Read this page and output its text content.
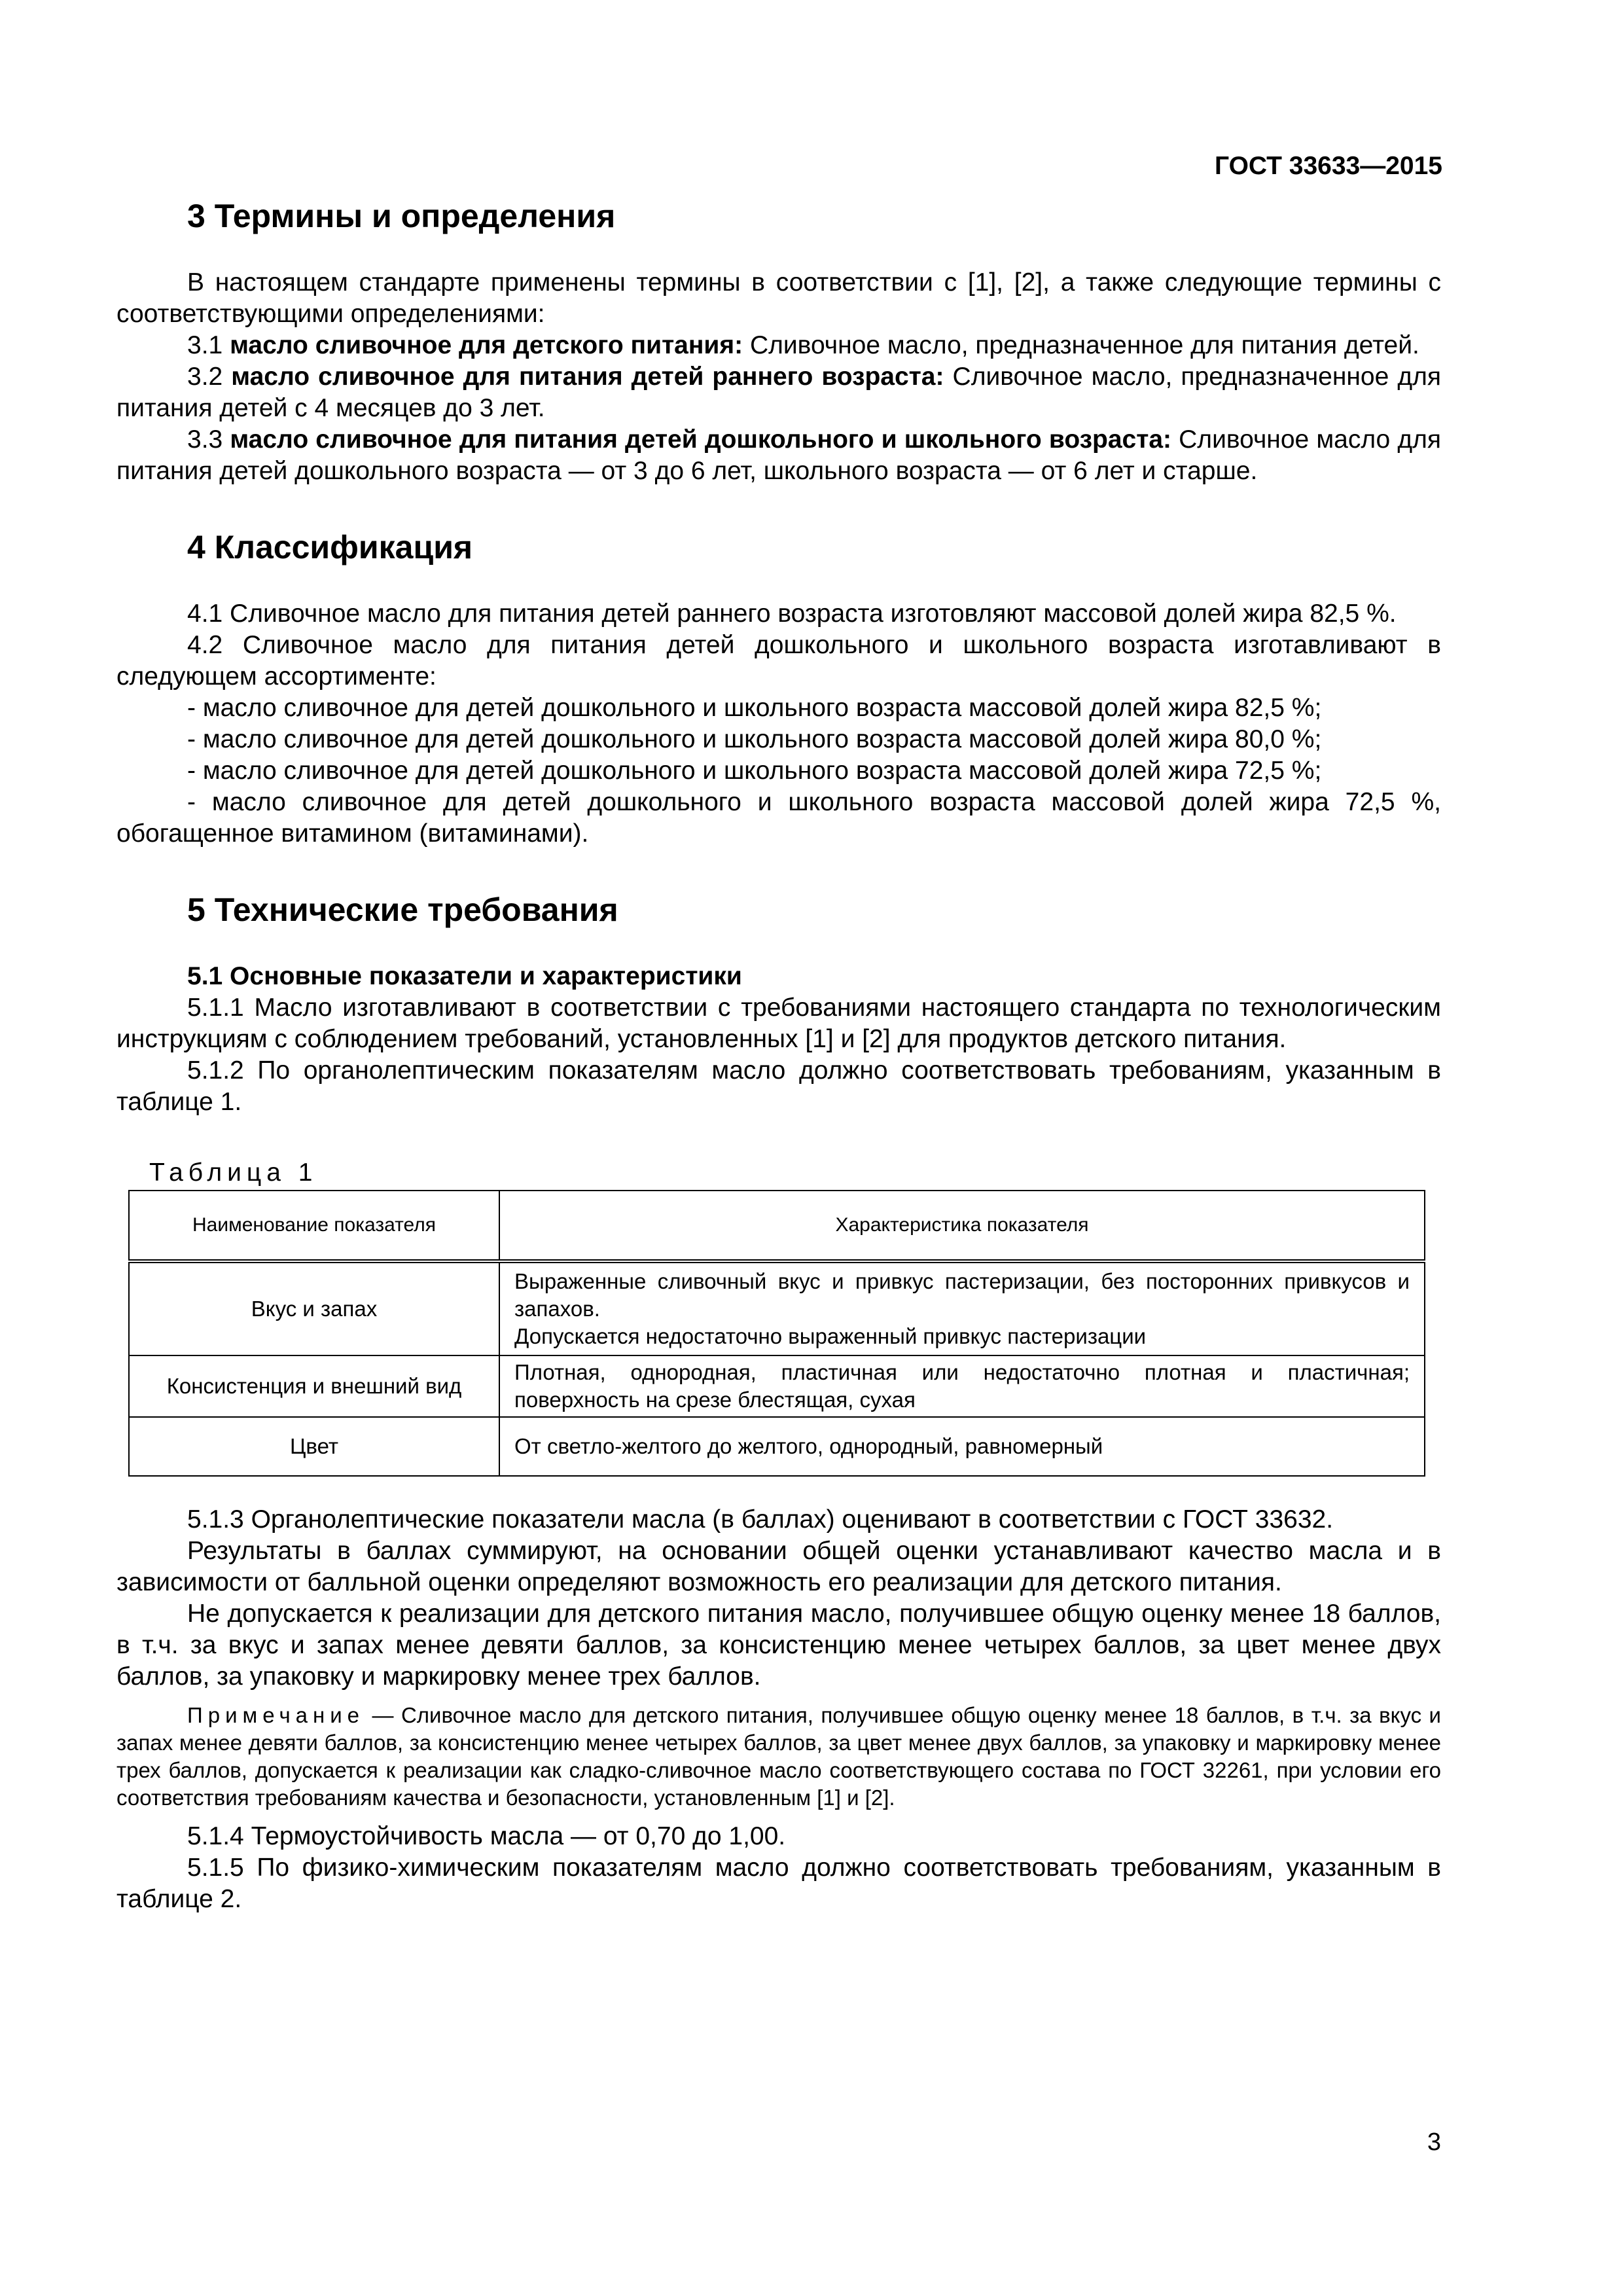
ГОСТ 33633—2015
3 Термины и определения

В настоящем стандарте применены термины в соответствии с [1], [2], а также следующие термины с соответствующими определениями:

3.1 масло сливочное для детского питания: Сливочное масло, предназначенное для питания детей.

3.2 масло сливочное для питания детей раннего возраста: Сливочное масло, предназначенное для питания детей с 4 месяцев до 3 лет.

3.3 масло сливочное для питания детей дошкольного и школьного возраста: Сливочное масло для питания детей дошкольного возраста — от 3 до 6 лет, школьного возраста — от 6 лет и старше.

4 Классификация

4.1 Сливочное масло для питания детей раннего возраста изготовляют массовой долей жира 82,5 %.

4.2 Сливочное масло для питания детей дошкольного и школьного возраста изготавливают в следующем ассортименте:

- масло сливочное для детей дошкольного и школьного возраста массовой долей жира 82,5 %;

- масло сливочное для детей дошкольного и школьного возраста массовой долей жира 80,0 %;

- масло сливочное для детей дошкольного и школьного возраста массовой долей жира 72,5 %;

- масло сливочное для детей дошкольного и школьного возраста массовой долей жира 72,5 %, обогащенное витамином (витаминами).

5 Технические требования

5.1 Основные показатели и характеристики

5.1.1 Масло изготавливают в соответствии с требованиями настоящего стандарта по технологическим инструкциям с соблюдением требований, установленных [1] и [2] для продуктов детского питания.

5.1.2 По органолептическим показателям масло должно соответствовать требованиям, указанным в таблице 1.

Таблица 1
Наименование показателя	Характеристика показателя
Вкус и запах	Выраженные сливочный вкус и привкус пастеризации, без посторонних привкусов и запахов.
Допускается недостаточно выраженный привкус пастеризации

Консистенция и внешний вид	Плотная, однородная, пластичная или недостаточно плотная и пластичная; поверхность на срезе блестящая, сухая
Цвет	От светло-желтого до желтого, однородный, равномерный

5.1.3 Органолептические показатели масла (в баллах) оценивают в соответствии с ГОСТ 33632.

Результаты в баллах суммируют, на основании общей оценки устанавливают качество масла и в зависимости от балльной оценки определяют возможность его реализации для детского питания.

Не допускается к реализации для детского питания масло, получившее общую оценку менее 18 баллов, в т.ч. за вкус и запах менее девяти баллов, за консистенцию менее четырех баллов, за цвет менее двух баллов, за упаковку и маркировку менее трех баллов.

Примечание — Сливочное масло для детского питания, получившее общую оценку менее 18 баллов, в т.ч. за вкус и запах менее девяти баллов, за консистенцию менее четырех баллов, за цвет менее двух баллов, за упаковку и маркировку менее трех баллов, допускается к реализации как сладко-сливочное масло соответствующего состава по ГОСТ 32261, при условии его соответствия требованиям качества и безопасности, установленным [1] и [2].

5.1.4 Термоустойчивость масла — от 0,70 до 1,00.

5.1.5 По физико-химическим показателям масло должно соответствовать требованиям, указанным в таблице 2.

3
